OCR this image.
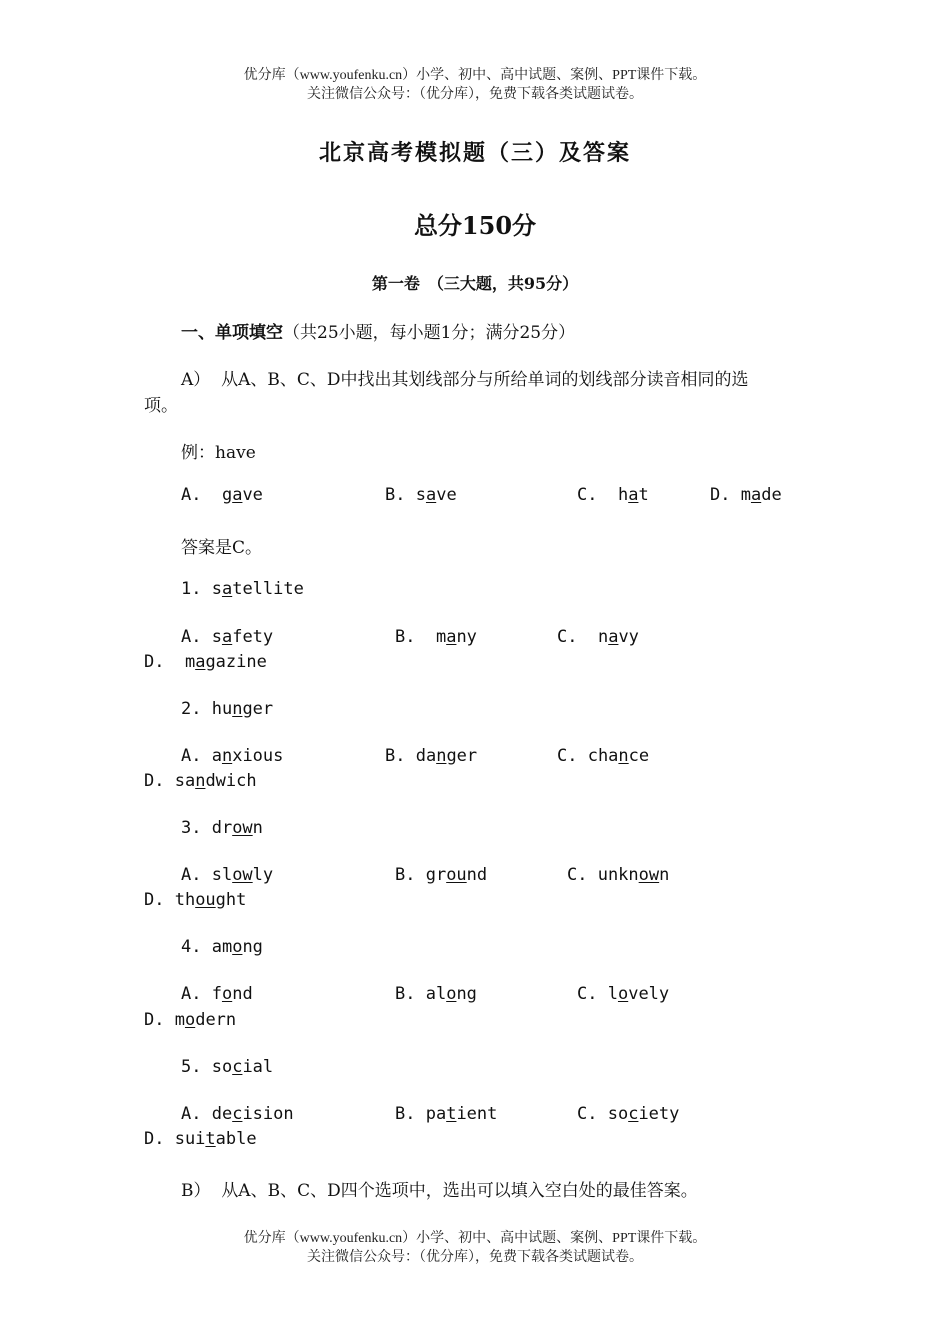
优分库（www.youfenku.cn）小学、初中、高中试题、案例、PPT课件下载。
关注微信公众号：（优分库），免费下载各类试题试卷。
北京高考模拟题（三）及答案
总分150分
第一卷　（三大题，共95分）
一、单项填空（共25小题，每小题1分；满分25分）
A） 从A、B、C、D中找出其划线部分与所给单词的划线部分读音相同的选
项。
例：have
A.  gave	B. save	C.  hat	D. made
答案是C。
1. satellite
A. safety	B.  many	C.  navy
D.  magazine
2. hunger
A. anxious	B. danger	C. chance
D. sandwich
3. drown
A. slowly	B. ground	C. unknown
D. thought
4. among
A. fond	B. along	C. lovely
D. modern
5. social
A. decision	B. patient	C. society
D. suitable
B） 从A、B、C、D四个选项中，选出可以填入空白处的最佳答案。
优分库（www.youfenku.cn）小学、初中、高中试题、案例、PPT课件下载。
关注微信公众号：（优分库），免费下载各类试题试卷。
